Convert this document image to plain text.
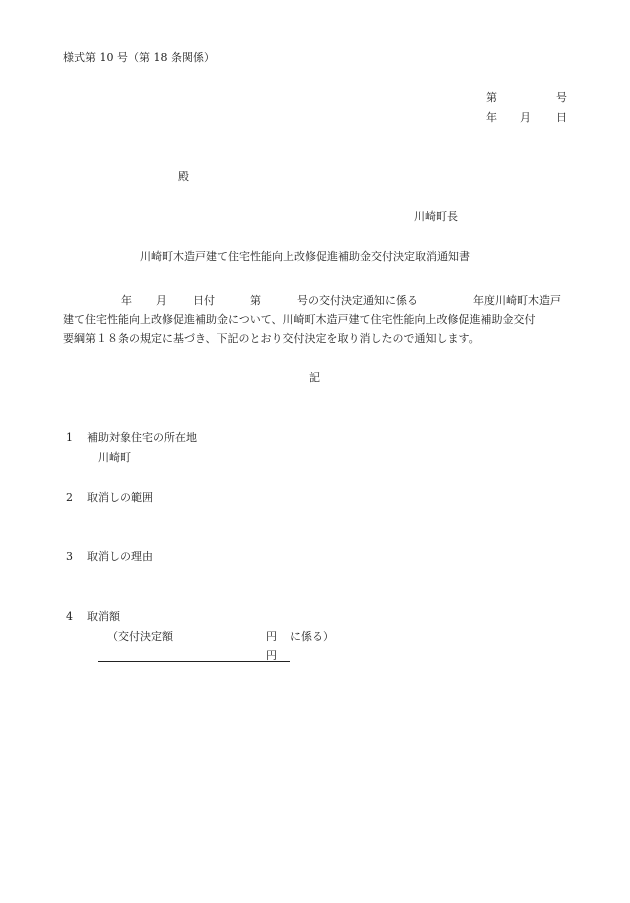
様式第 10 号（第 18 条関係）
第	号
年 月 日
殿
川崎町長
川崎町木造戸建て住宅性能向上改修促進補助金交付決定取消通知書
年 月 日付	第	号の交付決定通知に係る	年度川崎町木造戸
建て住宅性能向上改修促進補助金について、川崎町木造戸建て住宅性能向上改修促進補助金交付
要綱第１８条の規定に基づき、下記のとおり交付決定を取り消したので通知します。
記
1 補助対象住宅の所在地
川崎町
2 取消しの範囲
3 取消しの理由
4 取消額
（交付決定額	円 に係る）
円
